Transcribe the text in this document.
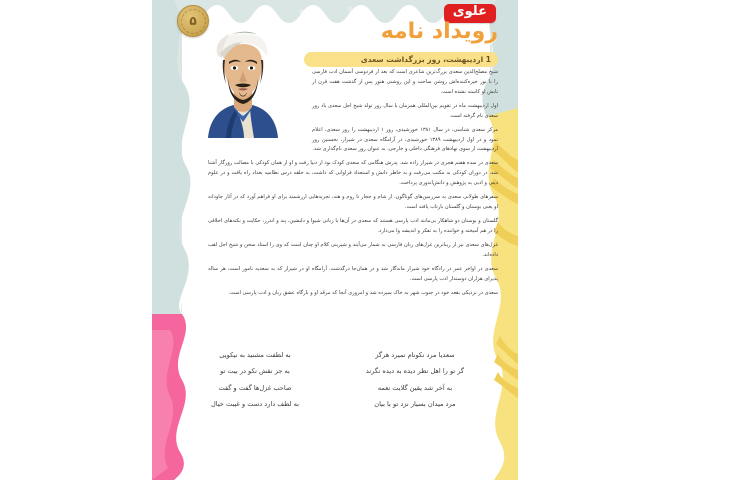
۵
علوی
رویداد نامه
1 اردیبهشت، روز بزرگداشت سعدی

شیخ مصلح‌الدین سعدی بزرگ‌ترین شاعری است که بعد از فردوسی آسمان ادب فارسی را با نور خیره‌کننده‌اش روشن ساخت و این روشنی هنوز پس از گذشت هفت قرن از تابش او کاسته نشده است.

اول اردیبهشت ماه در تقویم بین‌المللی همزمان با سال روز تولد شیخ اجل سعدی یاد روز سعدی نام گرفته است.

مرکز سعدی شناسی، در سال ۱۳۸۱ خورشیدی، روز ۱ اردیبهشت را روز سعدی، اعلام نمود و در اول اردیبهشت ۱۳۸۹ خورشیدی، در آرامگاه سعدی در شیراز، نخستین روز اردیبهشت از سوی نهادهای فرهنگی داخلی و خارجی، به عنوان روز سعدی نام‌گذاری شد.

سعدی در سده هفتم هجری در شیراز زاده شد. پدرش هنگامی که سعدی کودک بود از دنیا رفت و او از همان کودکی با مصائب روزگار آشنا شد. در دوران کودکی به مکتب می‌رفت و به خاطر دانش و استعداد فراوانی که داشت، به حلقه درس نظامیه بغداد راه یافت و در علوم دینی و ادبی به پژوهش و دانش‌اندوزی پرداخت.

سفرهای طولانی سعدی به سرزمین‌های گوناگون، از شام و حجاز تا روم و هند، تجربه‌هایی ارزشمند برای او فراهم آورد که در آثار جاودانه او یعنی بوستان و گلستان بازتاب یافته است.

گلستان و بوستان دو شاهکار بی‌مانند ادب پارسی هستند که سعدی در آن‌ها با زبانی شیوا و دلنشین، پند و اندرز، حکایت و نکته‌های اخلاقی را در هم آمیخته و خواننده را به تفکر و اندیشه وا می‌دارد.

غزل‌های سعدی نیز از زیباترین غزل‌های زبان فارسی به شمار می‌آیند و شیرینی کلام او چنان است که وی را استاد سخن و شیخ اجل لقب داده‌اند.

سعدی در اواخر عمر در زادگاه خود شیراز ماندگار شد و در همان‌جا درگذشت. آرامگاه او در شیراز که به سعدیه نامور است، هر ساله پذیرای هزاران دوستدار ادب پارسی است.

سعدی در نزدیکی بقعه خود در جنوب شهر به خاک سپرده شد و امروزی آنجا که مرقد او و بارگاه عشق زبان و ادب پارسی است.

سعدیا مرد نکونام نمیرد هرگز
گر تو را اهل نظر دیده به دیده نگرند
به آخر شد یقین گلایت نغمه
مرد میدان بسیار نزد تو با بیان
به لطفت مشنید به نیکویی
به جز نقش نکو در بیت تو
صاحب غزل‌ها گفت و گفت
به لطف دارد دست و غیبت خیال
